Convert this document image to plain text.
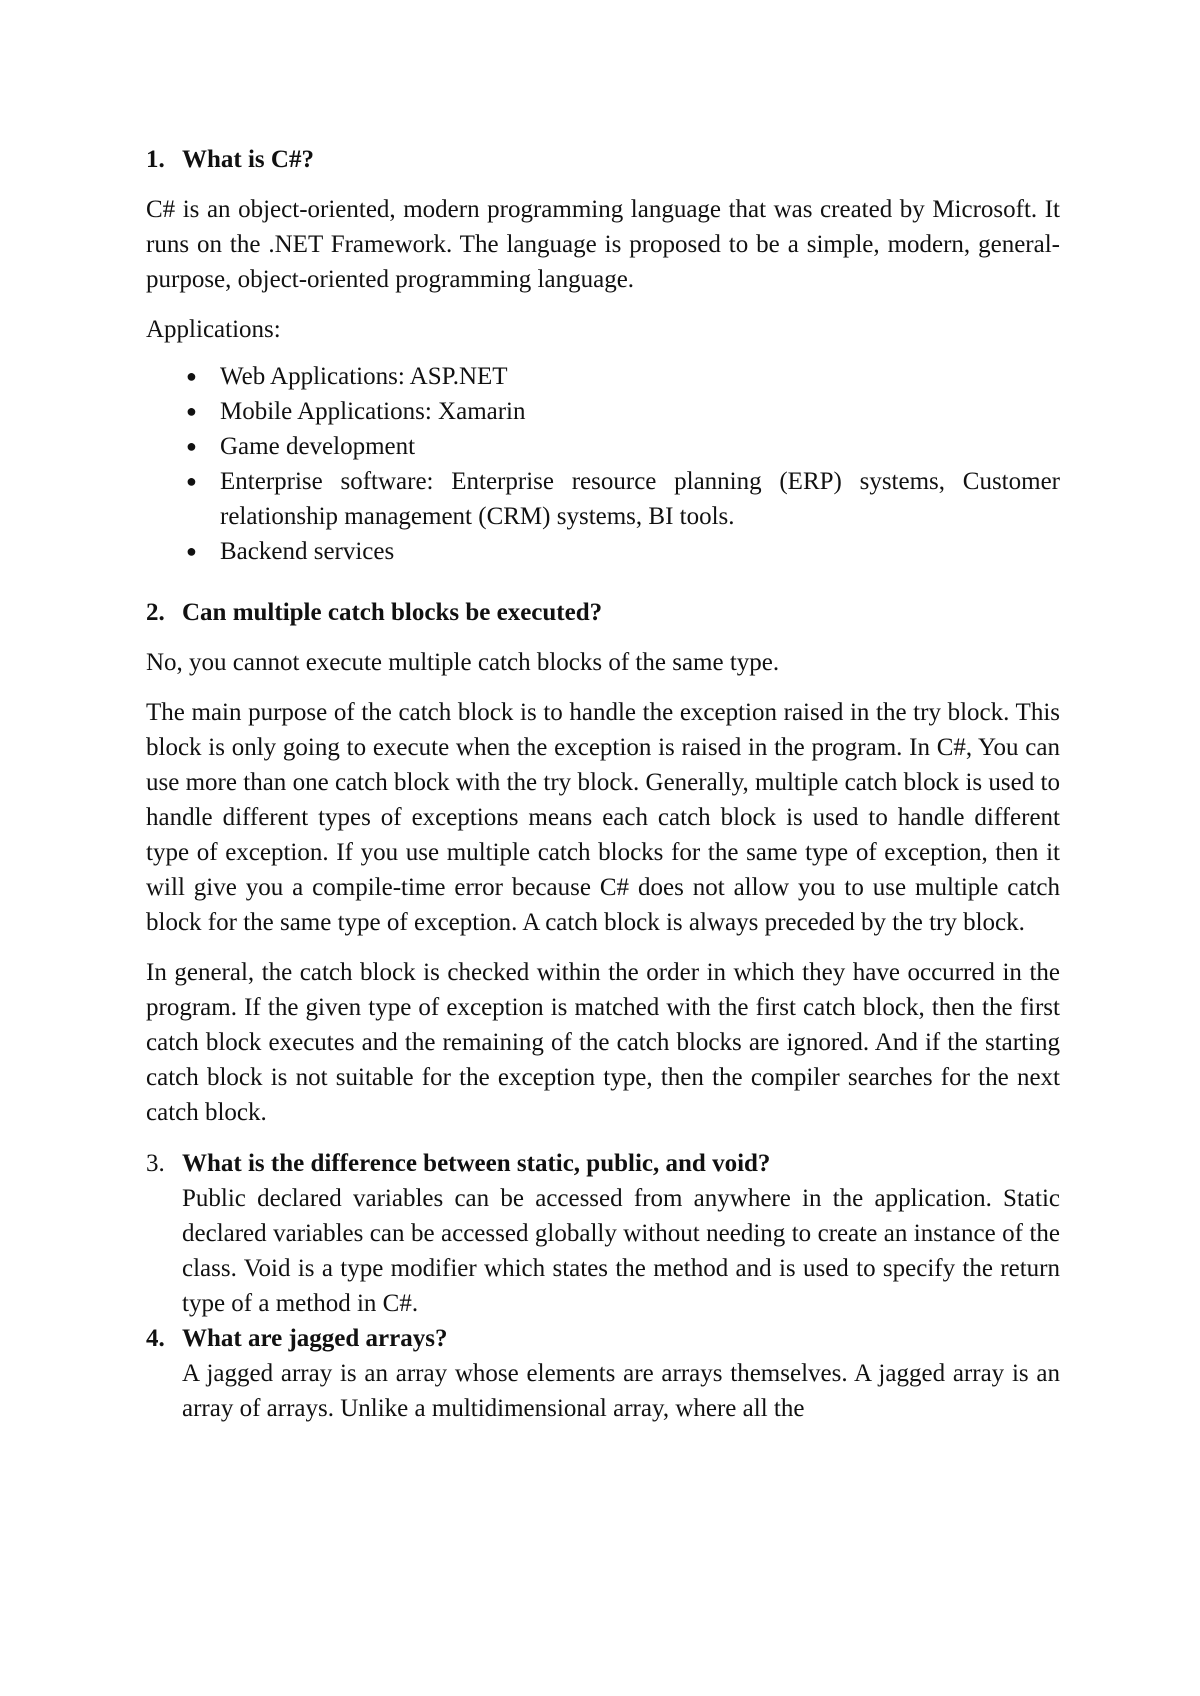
1. What is C#?

C# is an object-oriented, modern programming language that was created by Microsoft. It runs on the .NET Framework. The language is proposed to be a simple, modern, general-purpose, object-oriented programming language.

Applications:

● Web Applications: ASP.NET
● Mobile Applications: Xamarin
● Game development
● Enterprise software: Enterprise resource planning (ERP) systems, Customer relationship management (CRM) systems, BI tools.
● Backend services
2. Can multiple catch blocks be executed?

No, you cannot execute multiple catch blocks of the same type.

The main purpose of the catch block is to handle the exception raised in the try block. This block is only going to execute when the exception is raised in the program. In C#, You can use more than one catch block with the try block. Generally, multiple catch block is used to handle different types of exceptions means each catch block is used to handle different type of exception. If you use multiple catch blocks for the same type of exception, then it will give you a compile-time error because C# does not allow you to use multiple catch block for the same type of exception. A catch block is always preceded by the try block.

In general, the catch block is checked within the order in which they have occurred in the program. If the given type of exception is matched with the first catch block, then the first catch block executes and the remaining of the catch blocks are ignored. And if the starting catch block is not suitable for the exception type, then the compiler searches for the next catch block.

3. What is the difference between static, public, and void?

Public declared variables can be accessed from anywhere in the application. Static declared variables can be accessed globally without needing to create an instance of the class. Void is a type modifier which states the method and is used to specify the return type of a method in C#.

4. What are jagged arrays?

A jagged array is an array whose elements are arrays themselves. A jagged array is an array of arrays. Unlike a multidimensional array, where all the
